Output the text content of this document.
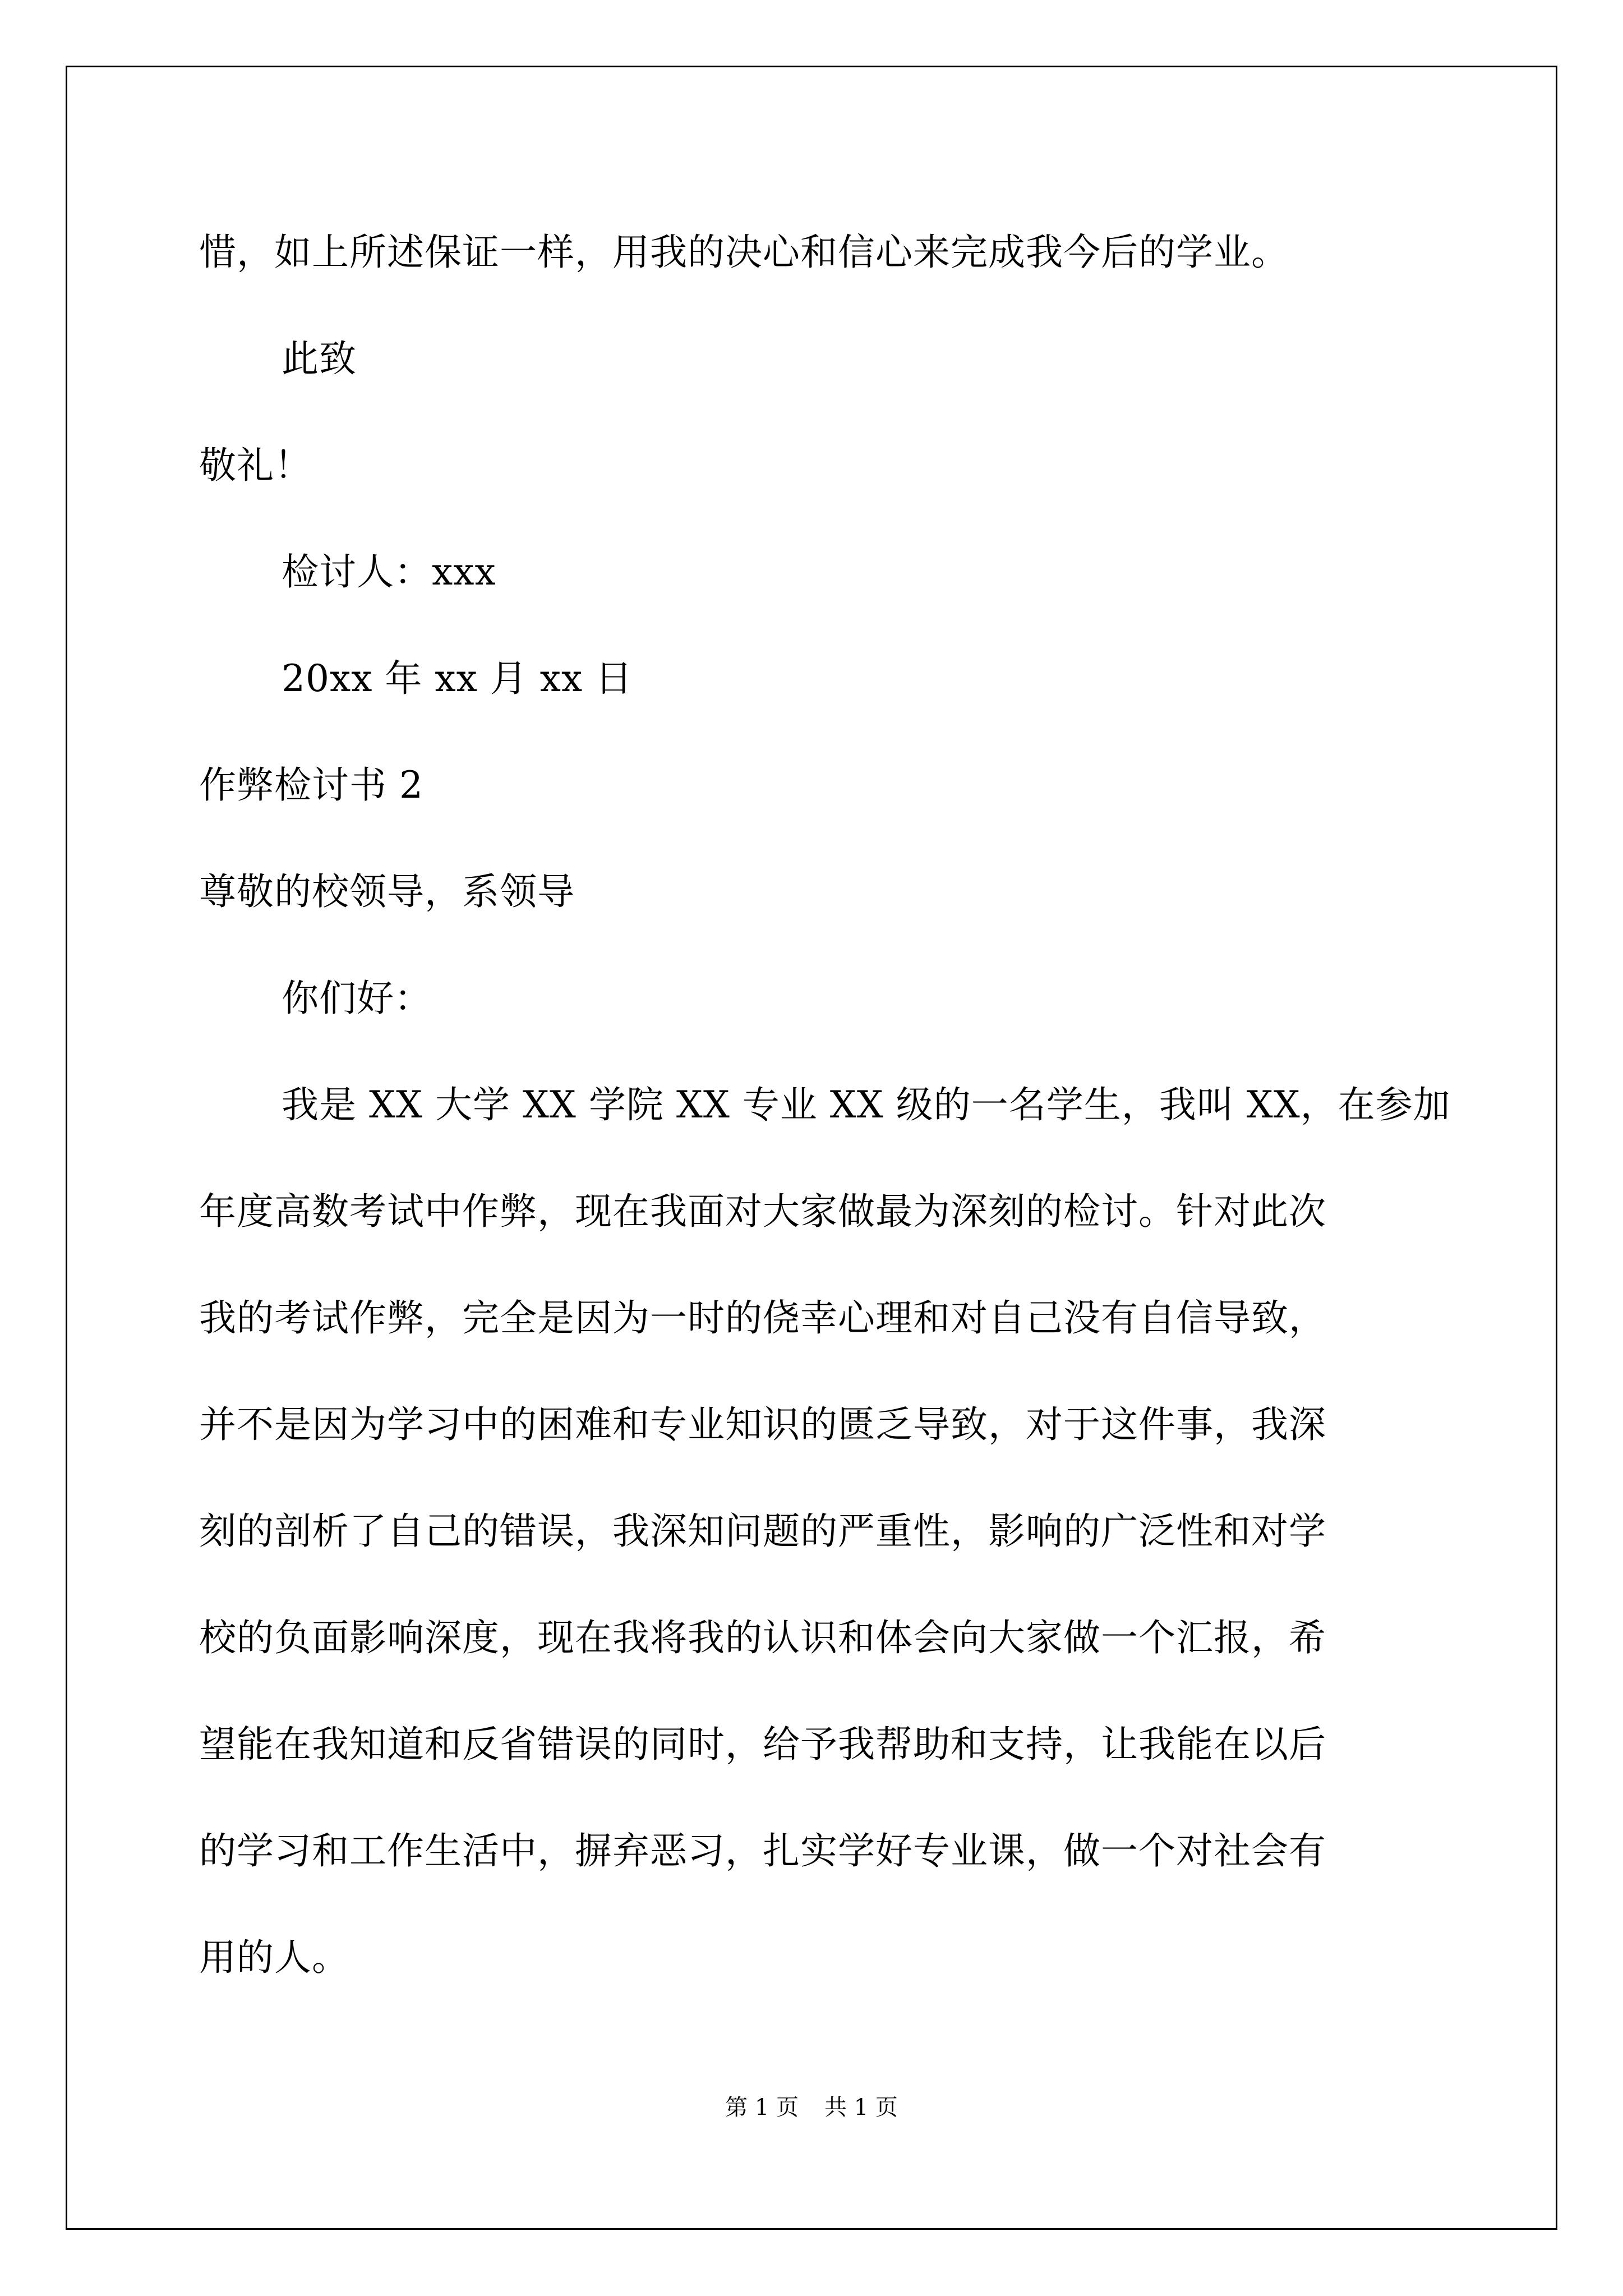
惜，如上所述保证一样，用我的决心和信心来完成我今后的学业。
此致
敬礼！
检讨人：xxx
20xx 年 xx 月 xx 日
作弊检讨书 2
尊敬的校领导，系领导
你们好：
我是 XX 大学 XX 学院 XX 专业 XX 级的一名学生，我叫 XX，在参加
年度高数考试中作弊，现在我面对大家做最为深刻的检讨。针对此次
我的考试作弊，完全是因为一时的侥幸心理和对自己没有自信导致，
并不是因为学习中的困难和专业知识的匮乏导致，对于这件事，我深
刻的剖析了自己的错误，我深知问题的严重性，影响的广泛性和对学
校的负面影响深度，现在我将我的认识和体会向大家做一个汇报，希
望能在我知道和反省错误的同时，给予我帮助和支持，让我能在以后
的学习和工作生活中，摒弃恶习，扎实学好专业课，做一个对社会有
用的人。
第 1 页 共 1 页
